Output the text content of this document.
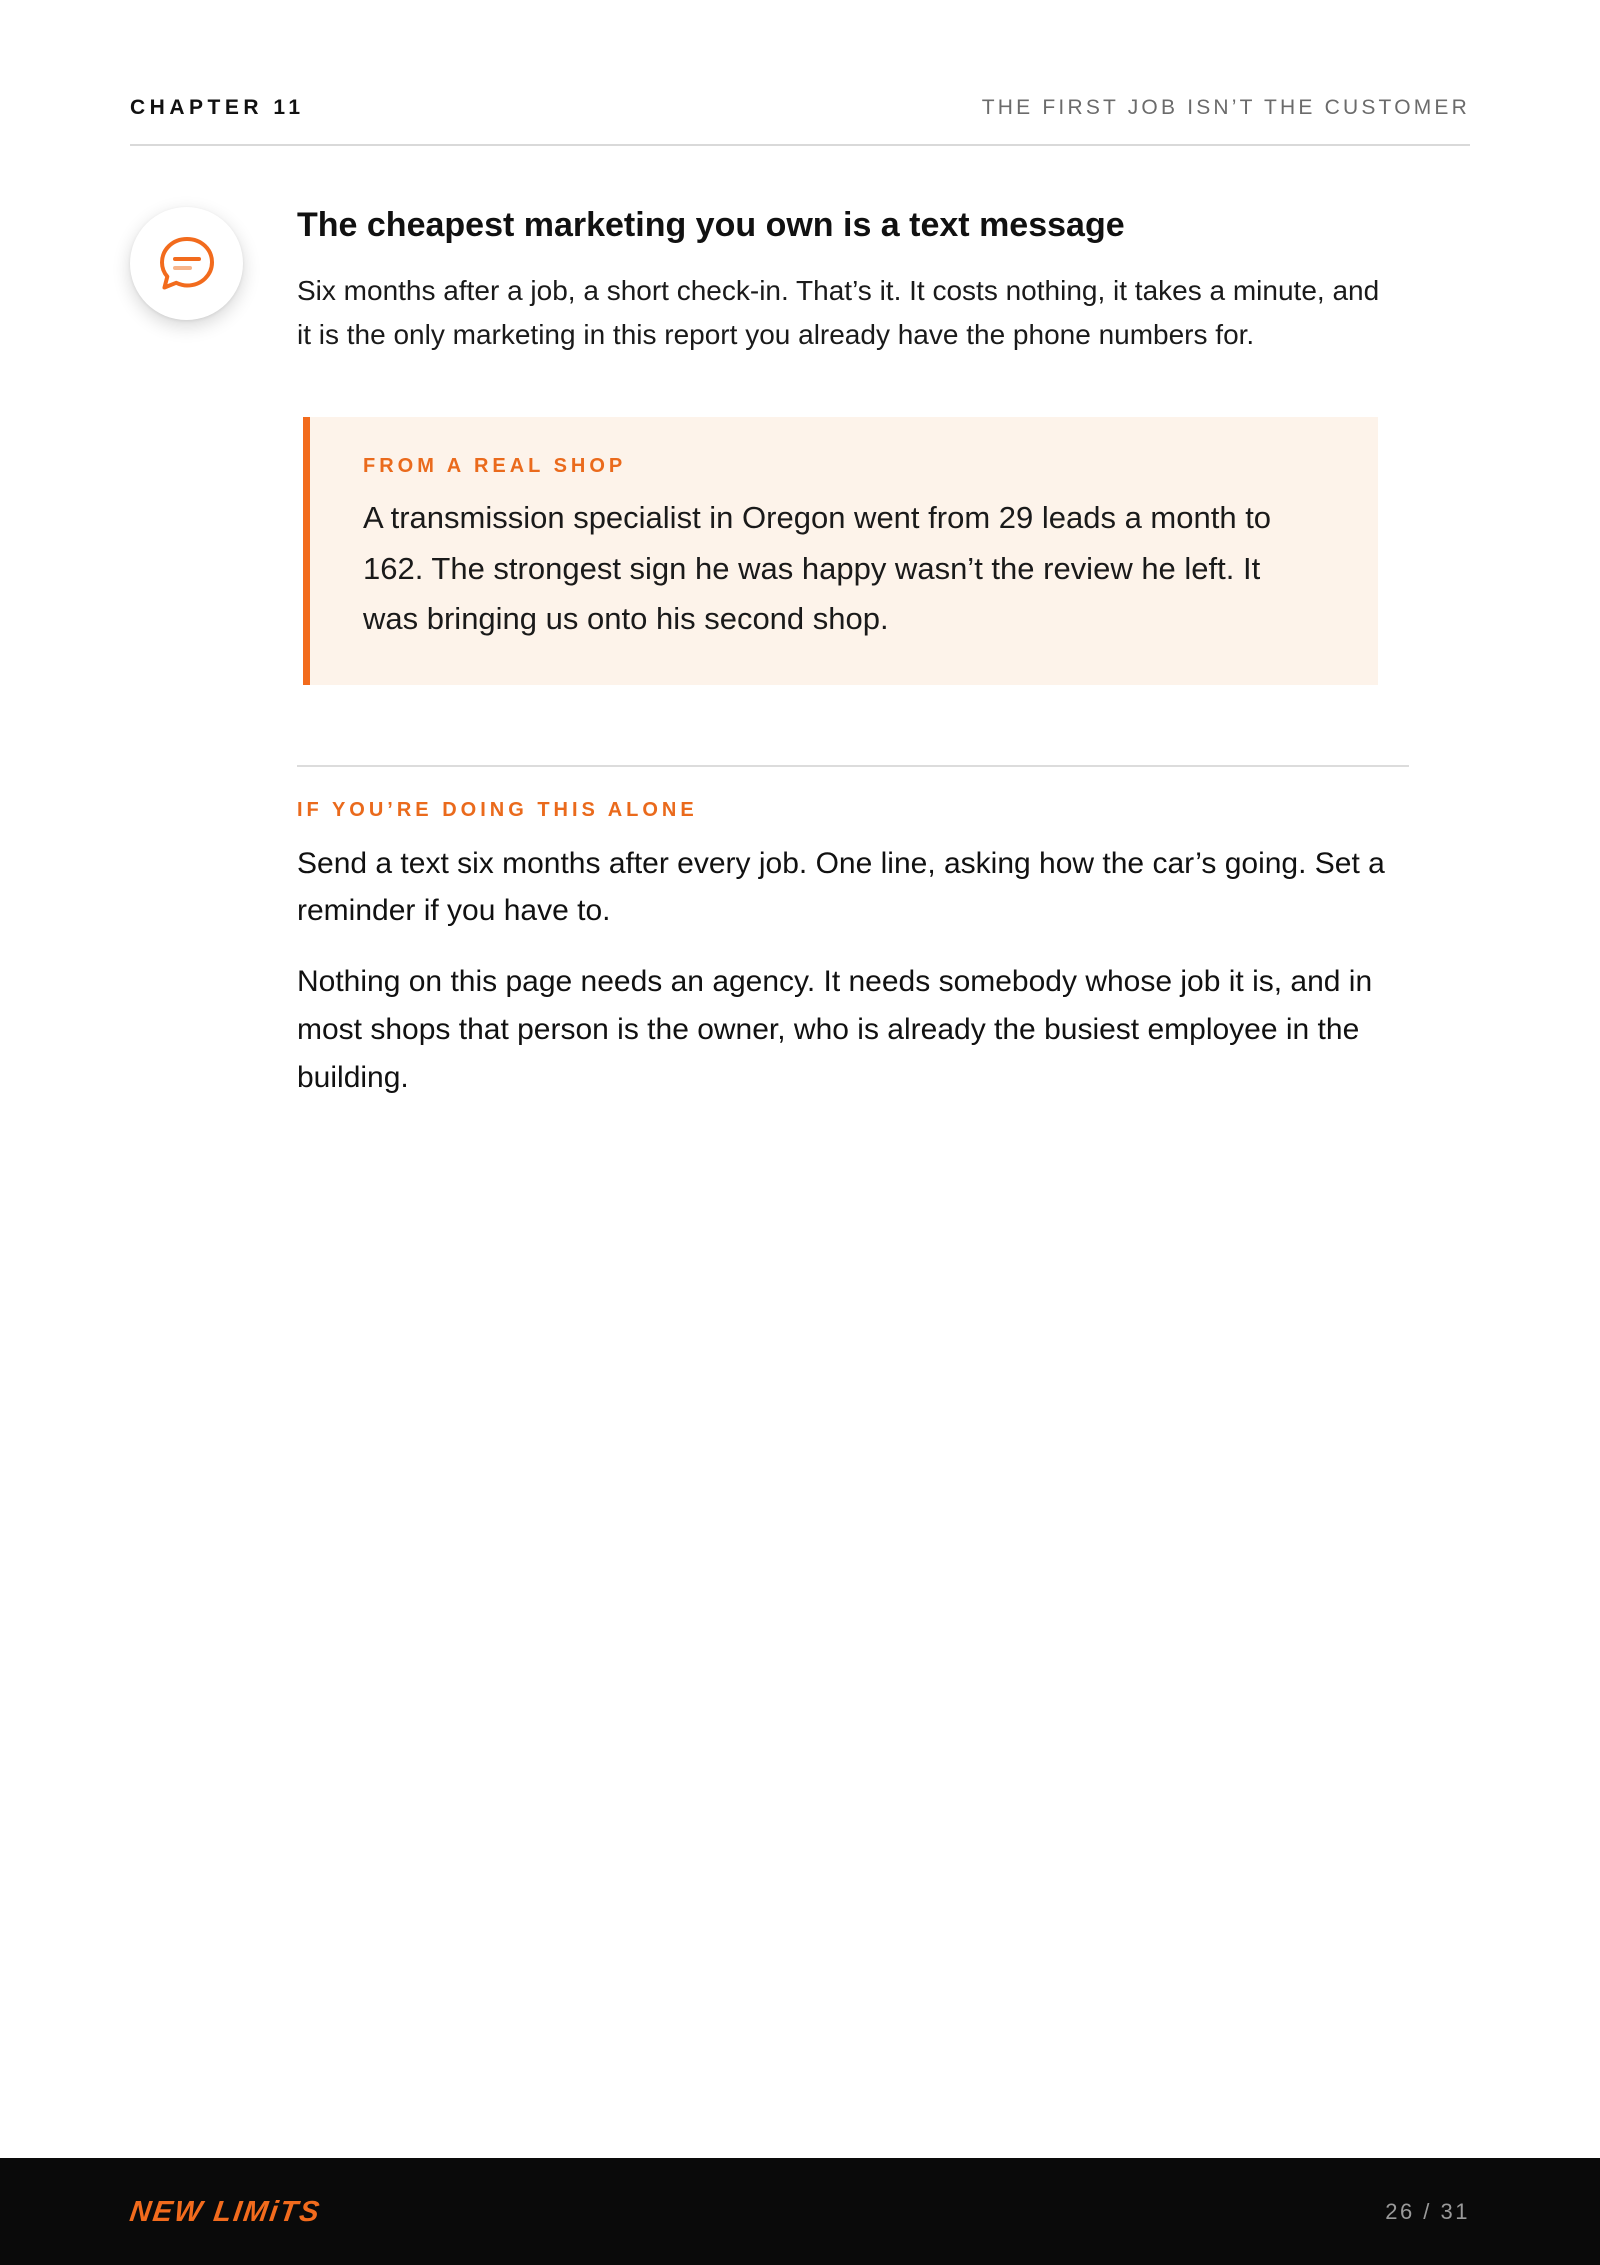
CHAPTER 11	THE FIRST JOB ISN’T THE CUSTOMER
The cheapest marketing you own is a text message

Six months after a job, a short check-in. That’s it. It costs nothing, it takes a minute, and it is the only marketing in this report you already have the phone numbers for.

FROM A REAL SHOP

A transmission specialist in Oregon went from 29 leads a month to 162. The strongest sign he was happy wasn’t the review he left. It was bringing us onto his second shop.

IF YOU’RE DOING THIS ALONE

Send a text six months after every job. One line, asking how the car’s going. Set a reminder if you have to.

Nothing on this page needs an agency. It needs somebody whose job it is, and in most shops that person is the owner, who is already the busiest employee in the building.

NEW LIMiTS	26 / 31
